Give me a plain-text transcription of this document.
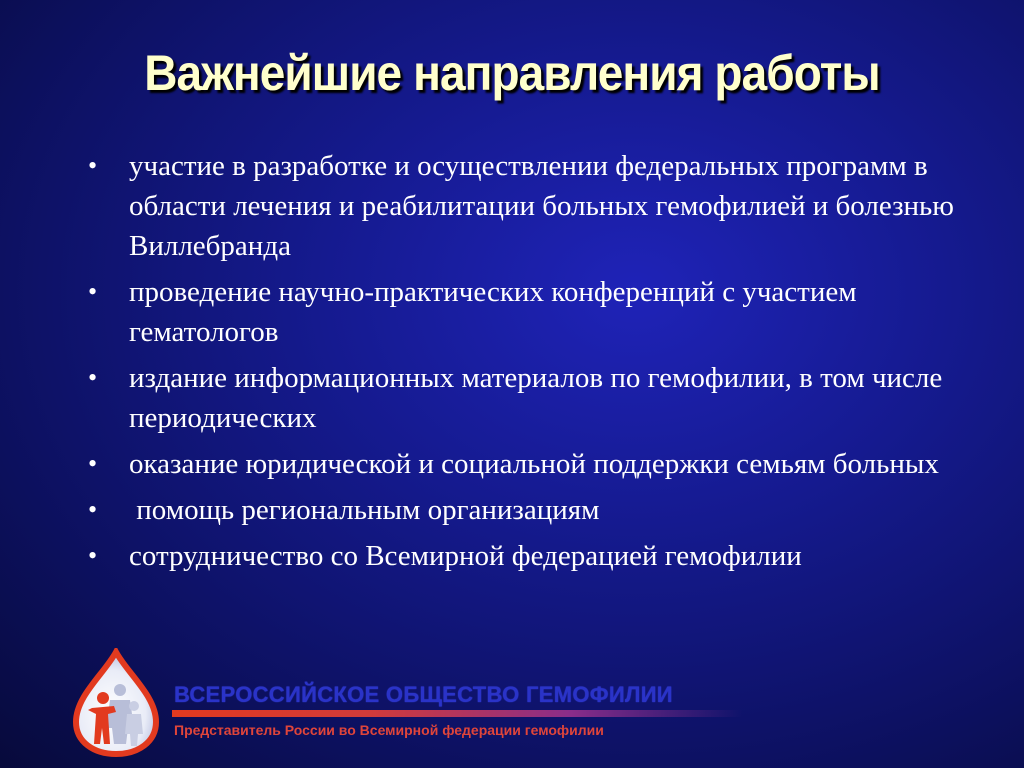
Важнейшие направления работы
• участие в разработке и осуществлении федеральных программ в области лечения и реабилитации больных гемофилией и болезнью Виллебранда
• проведение научно-практических конференций с участием гематологов
• издание информационных материалов по гемофилии, в том числе периодических
• оказание юридической и социальной поддержки семьям больных
• помощь региональным организациям
• сотрудничество со Всемирной федерацией гемофилии
ВСЕРОССИЙСКОЕ ОБЩЕСТВО ГЕМОФИЛИИ
Представитель России во Всемирной федерации гемофилии
